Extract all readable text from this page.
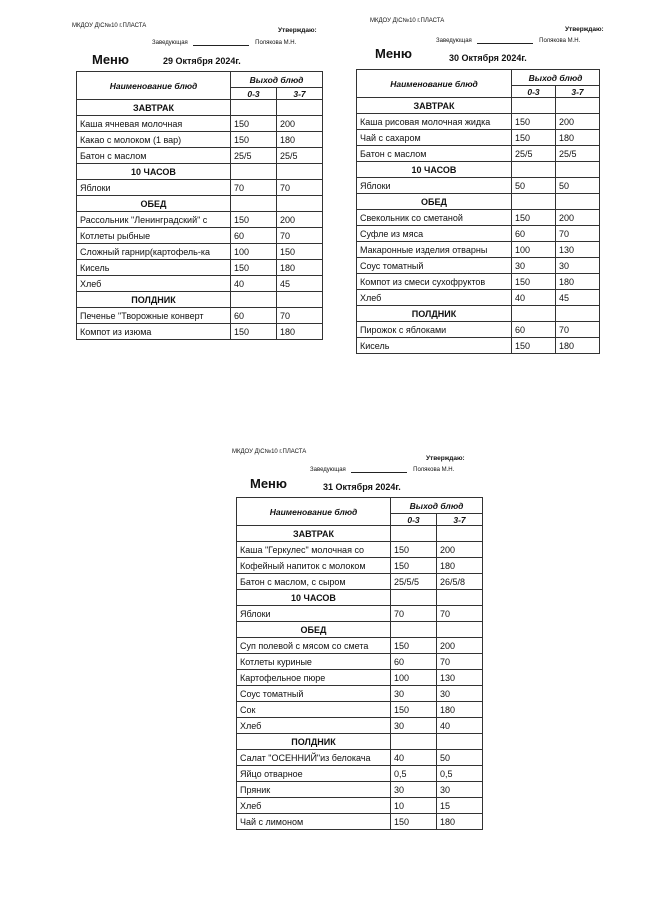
МКДОУ Д\С№10 г.ПЛАСТА
Утверждаю:
Заведующая	Полякова М.Н.
Меню	29 Октября 2024г.
Наименование блюд	Выход блюд	
	0-3	3-7
ЗАВТРАК		
Каша ячневая молочная	150	200
Какао с молоком (1 вар)	150	180
Батон с маслом	25/5	25/5
10 ЧАСОВ		
Яблоки	70	70
ОБЕД		
Рассольник "Ленинградский" с	150	200
Котлеты рыбные	60	70
Сложный гарнир(картофель-ка	100	150
Кисель	150	180
Хлеб	40	45
ПОЛДНИК		
Печенье "Творожные конверт	60	70
Компот из изюма	150	180
МКДОУ Д\С№10 г.ПЛАСТА
Утверждаю:
Заведующая	Полякова М.Н.
Меню	30 Октября 2024г.
Наименование блюд	Выход блюд	
	0-3	3-7
ЗАВТРАК		
Каша рисовая молочная жидка	150	200
Чай с сахаром	150	180
Батон с маслом	25/5	25/5
10 ЧАСОВ		
Яблоки	50	50
ОБЕД		
Свекольник со сметаной	150	200
Суфле из мяса	60	70
Макаронные изделия отварны	100	130
Соус томатный	30	30
Компот из смеси сухофруктов	150	180
Хлеб	40	45
ПОЛДНИК		
Пирожок с яблоками	60	70
Кисель	150	180
МКДОУ Д\С№10 г.ПЛАСТА
Утверждаю:
Заведующая	Полякова М.Н.
Меню	31 Октября 2024г.
Наименование блюд	Выход блюд	
	0-3	3-7
ЗАВТРАК		
Каша "Геркулес" молочная со	150	200
Кофейный напиток с молоком	150	180
Батон с маслом, с сыром	25/5/5	26/5/8
10 ЧАСОВ		
Яблоки	70	70
ОБЕД		
Суп полевой с мясом со смета	150	200
Котлеты куриные	60	70
Картофельное пюре	100	130
Соус томатный	30	30
Сок	150	180
Хлеб	30	40
ПОЛДНИК		
Салат "ОСЕННИЙ"из белокача	40	50
Яйцо отварное	0,5	0,5
Пряник	30	30
Хлеб	10	15
Чай с лимоном	150	180
